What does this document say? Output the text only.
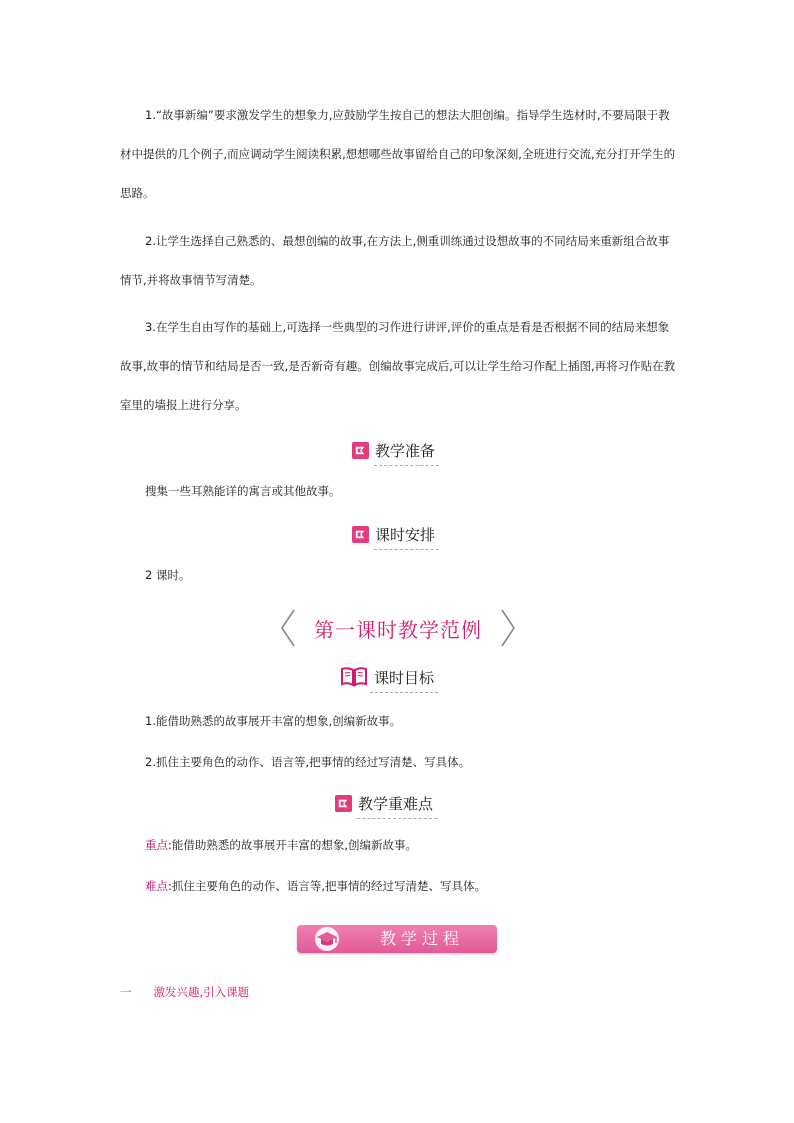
1.“故事新编”要求激发学生的想象力,应鼓励学生按自己的想法大胆创编。指导学生选材时,不要局限于教材中提供的几个例子,而应调动学生阅读积累,想想哪些故事留给自己的印象深刻,全班进行交流,充分打开学生的思路。

2.让学生选择自己熟悉的、最想创编的故事,在方法上,侧重训练通过设想故事的不同结局来重新组合故事情节,并将故事情节写清楚。

3.在学生自由写作的基础上,可选择一些典型的习作进行讲评,评价的重点是看是否根据不同的结局来想象故事,故事的情节和结局是否一致,是否新奇有趣。创编故事完成后,可以让学生给习作配上插图,再将习作贴在教室里的墙报上进行分享。

教学准备

搜集一些耳熟能详的寓言或其他故事。

课时安排

2 课时。

第一课时教学范例
课时目标

1.能借助熟悉的故事展开丰富的想象,创编新故事。

2.抓住主要角色的动作、语言等,把事情的经过写清楚、写具体。

教学重难点

重点:能借助熟悉的故事展开丰富的想象,创编新故事。

难点:抓住主要角色的动作、语言等,把事情的经过写清楚、写具体。

教学过程
一 激发兴趣,引入课题
